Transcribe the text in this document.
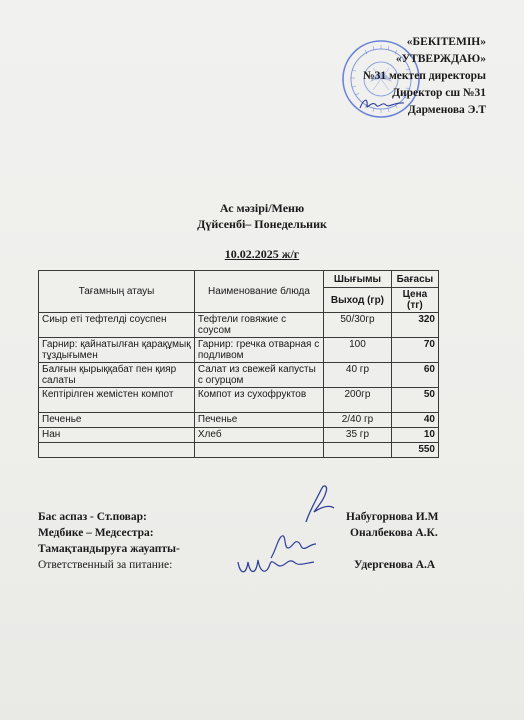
«БЕКІТЕМІН»
«УТВЕРЖДАЮ»
№31 мектеп директоры
Директор сш №31
Дарменова Э.Т
Ас мәзірі/Меню
Дүйсенбі– Понедельник
10.02.2025 ж/г
Тағамның атауы	Наименование блюда	Шығымы	Бағасы
		Выход (гр)	Цена (тг)
Сиыр еті тефтелді соуспен	Тефтели говяжие с соусом	50/30гр	320
Гарнир: қайнатылған қарақұмық тұздығымен	Гарнир: гречка отварная с подливом	100	70
Балғын қырыққабат пен қияр салаты	Салат из свежей капусты с огурцом	40 гр	60
Кептірілген жемістен компот	Компот из сухофруктов	200гр	50
Печенье	Печенье	2/40 гр	40
Нан	Хлеб	35 гр	10
			550
Бас аспаз - Ст.повар:	Набугорнова И.М
Медбике – Медсестра:	Оналбекова А.К.
Тамақтандыруға жауапты-
Ответственный за питание:	Удергенова А.А
